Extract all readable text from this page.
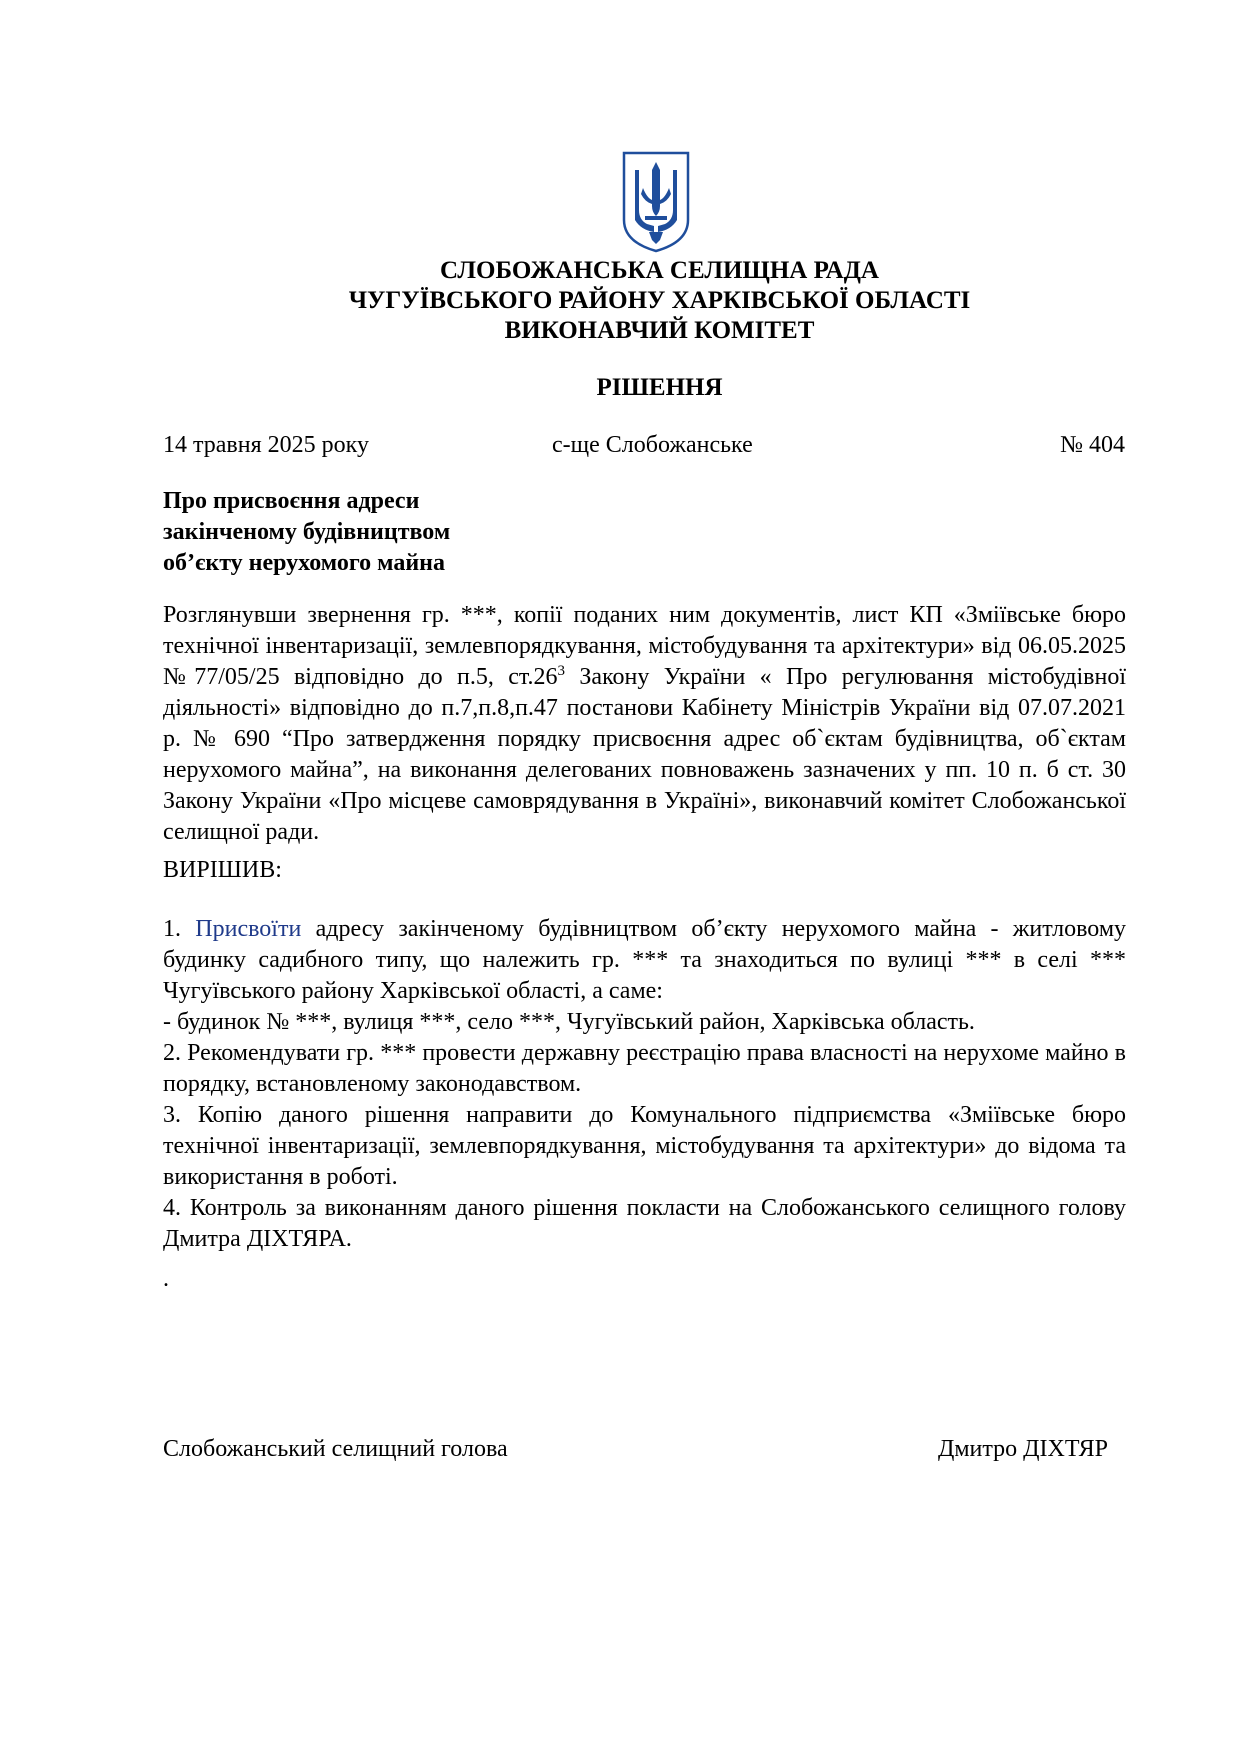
СЛОБОЖАНСЬКА СЕЛИЩНА РАДА

ЧУГУЇВСЬКОГО РАЙОНУ ХАРКІВСЬКОЇ ОБЛАСТІ

ВИКОНАВЧИЙ КОМІТЕТ

РІШЕННЯ

14 травня 2025 року	с-ще Слобожанське	№ 404
Про присвоєння адреси
закінченому будівництвом
об’єкту нерухомого майна

Розглянувши звернення гр. ***, копії поданих ним документів, лист КП «Зміївське бюро технічної інвентаризації, землевпорядкування, містобудування та архітектури» від 06.05.2025 №77/05/25 відповідно до п.5, $ст.26^3$ Закону України « Про регулювання містобудівної діяльності» відповідно до п.7,п.8,п.47 постанови Кабінету Міністрів України від 07.07.2021 р. № 690 “Про затвердження порядку присвоєння адрес об`єктам будівництва, об`єктам нерухомого майна”, на виконання делегованих повноважень зазначених у пп. 10 п. б ст. 30 Закону України «Про місцеве самоврядування в Україні», виконавчий комітет Слобожанської селищної ради.

ВИРІШИВ:

1. Присвоїти адресу закінченому будівництвом об’єкту нерухомого майна - житловому будинку садибного типу, що належить гр. *** та знаходиться по вулиці *** в селі *** Чугуївського району Харківської області, а саме:

- будинок № ***, вулиця ***, село ***, Чугуївський район, Харківська область.

2. Рекомендувати гр. *** провести державну реєстрацію права власності на нерухоме майно в порядку, встановленому законодавством.

3. Копію даного рішення направити до Комунального підприємства «Зміївське бюро технічної інвентаризації, землевпорядкування, містобудування та архітектури» до відома та використання в роботі.

4. Контроль за виконанням даного рішення покласти на Слобожанського селищного голову Дмитра ДІХТЯРА.

.
Слобожанський селищний голова	Дмитро ДІХТЯР
